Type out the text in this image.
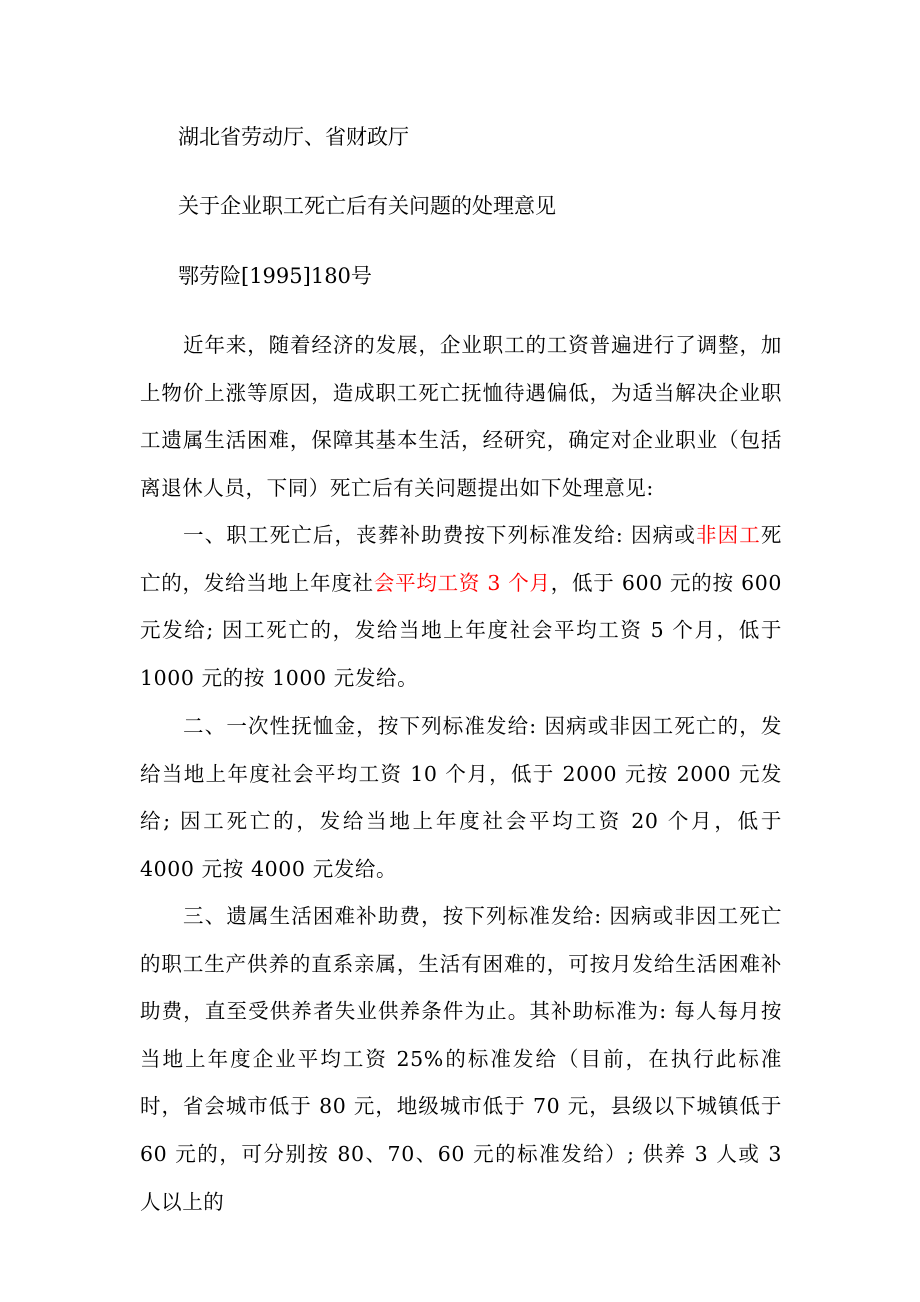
湖北省劳动厅、省财政厅
关于企业职工死亡后有关问题的处理意见
鄂劳险[1995]180号

近年来，随着经济的发展，企业职工的工资普遍进行了调整，加上物价上涨等原因，造成职工死亡抚恤待遇偏低，为适当解决企业职工遗属生活困难，保障其基本生活，经研究，确定对企业职业（包括离退休人员，下同）死亡后有关问题提出如下处理意见:

一、职工死亡后，丧葬补助费按下列标准发给: 因病或非因工死亡的，发给当地上年度社会平均工资 3 个月，低于 600 元的按 600 元发给; 因工死亡的，发给当地上年度社会平均工资 5 个月，低于 1000 元的按 1000 元发给。

二、一次性抚恤金，按下列标准发给: 因病或非因工死亡的，发给当地上年度社会平均工资 10 个月，低于 2000 元按 2000 元发给; 因工死亡的，发给当地上年度社会平均工资 20 个月，低于 4000 元按 4000 元发给。

三、遗属生活困难补助费，按下列标准发给: 因病或非因工死亡的职工生产供养的直系亲属，生活有困难的，可按月发给生活困难补助费，直至受供养者失业供养条件为止。其补助标准为: 每人每月按当地上年度企业平均工资 25%的标准发给（目前，在执行此标准时，省会城市低于 80 元，地级城市低于 70 元，县级以下城镇低于 60 元的，可分别按 80、70、60 元的标准发给）; 供养 3 人或 3 人以上的
